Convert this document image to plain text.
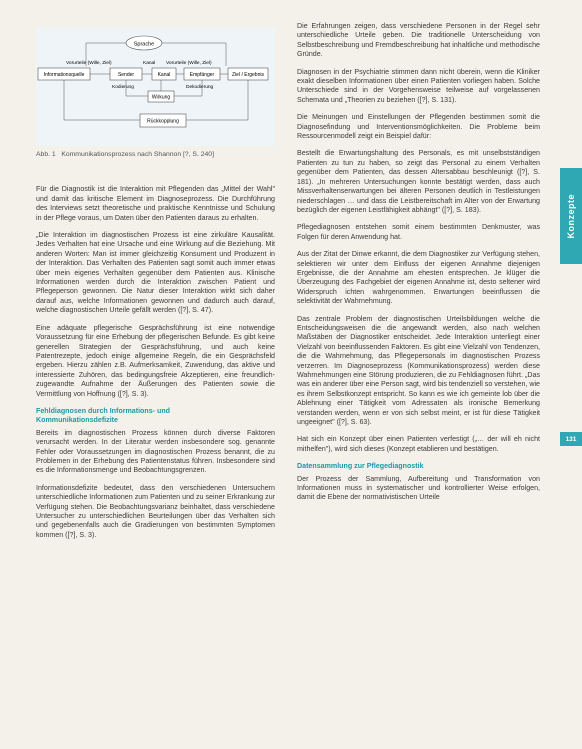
Sprache
Vorurteile (Wille, Ziel)	Kanal Vorurteile (Wille, Ziel)
Informationsquelle	Sender	Kanal	Empfänger	Ziel / Ergebnis
Kodierung	Dekodierung
Wirkung
Rückkopplung

Abb. 1 Kommunikationsprozess nach Shannon [?, S. 240]

Für die Diagnostik ist die Interaktion mit Pflegenden das „Mittel der Wahl" und damit das kritische Element im Diagnoseprozess. Die Durchführung des Interviews setzt theoretische und praktische Kenntnisse und Schulung in der Pflege voraus, um Daten über den Patienten daraus zu erhalten.

„Die Interaktion im diagnostischen Prozess ist eine zirkuläre Kausalität. Jedes Verhalten hat eine Ursache und eine Wirkung auf die Beziehung. Mit anderen Worten: Man ist immer gleichzeitig Konsument und Produzent in der Interaktion. Das Verhalten des Patienten sagt somit auch immer etwas über mein eigenes Verhalten gegenüber dem Patienten aus. Klinische Informationen werden durch die Interaktion zwischen Patient und Pflegeperson gewonnen. Die Natur dieser Interaktion wirkt sich daher darauf aus, welche Informationen gewonnen und dadurch auch darauf, welche diagnostischen Urteile gefällt werden ([?], S. 47).

Eine adäquate pflegerische Gesprächsführung ist eine notwendige Voraussetzung für eine Erhebung der pflegerischen Befunde. Es gibt keine generellen Strategien der Gesprächsführung, und auch keine Patentrezepte, jedoch einige allgemeine Regeln, die ein Gesprächsfeld ergeben. Hierzu zählen z.B. Aufmerksamkeit, Zuwendung, das aktive und interessierte Zuhören, das bedingungsfreie Akzeptieren, eine freundlich-zugewandte Aufnahme der Äußerungen des Patienten sowie die Vermittlung von Hoffnung ([?], S. 3).

Fehldiagnosen durch Informations- und
Kommunikationsdefizite

Bereits im diagnostischen Prozess können durch diverse Faktoren verursacht werden. In der Literatur werden insbesondere sog. genannte Fehler oder Voraussetzungen im diagnostischen Prozess benannt, die zu Problemen in der Erhebung des Patientenstatus führen. Insbesondere sind es die Informationsmenge und Beobachtungsgrenzen.

Informationsdefizite bedeutet, dass den verschiedenen Untersuchern unterschiedliche Informationen zum Patienten und zu seiner Erkrankung zur Verfügung stehen. Die Beobachtungsvarianz beinhaltet, dass verschiedene Untersucher zu unterschiedlichen Beurteilungen über das Verhalten sich und gegebenenfalls auch die Gradierungen von bestimmten Symptomen kommen ([?], S. 3).

Die Erfahrungen zeigen, dass verschiedene Personen in der Regel sehr unterschiedliche Urteile geben. Die traditionelle Unterscheidung von Selbstbeschreibung und Fremdbeschreibung hat inhaltliche und methodische Gründe.

Diagnosen in der Psychiatrie stimmen dann nicht überein, wenn die Kliniker exakt dieselben Informationen über einen Patienten vorliegen haben. Solche Unterschiede sind in der Vorgehensweise teilweise auf vorgelassenen Schemata und „Theorien zu beziehen ([?], S. 131).

Die Meinungen und Einstellungen der Pflegenden bestimmen somit die Diagnosefindung und Interventionsmöglichkeiten. Die Probleme beim Ressourcenmodell zeigt ein Beispiel dafür:

Bestellt die Erwartungshaltung des Personals, es mit unselbstständigen Patienten zu tun zu haben, so zeigt das Personal zu einem Verhalten gegenüber dem Patienten, das dessen Altersabbau beschleunigt ([?], S. 181). „In mehreren Untersuchungen konnte bestätigt werden, dass auch Missverhaltenserwartungen bei älteren Personen deutlich in Testleistungen niederschlagen … und dass die Leistbereitschaft im Alter von der Erwartung bezüglich der eigenen Leistfähigkeit abhängt" ([?], S. 183).

Pflegediagnosen entstehen somit einem bestimmten Denkmuster, was Folgen für deren Anwendung hat.

Aus der Zitat der Dinwe erkannt, die dem Diagnostiker zur Verfügung stehen, selektieren wir unter dem Einfluss der eigenen Annahme diejenigen Ergebnisse, die der Annahme am ehesten entsprechen. Je klüger die Überzeugung des Fachgebiet der eigenen Annahme ist, desto seltener wird Widerspruch ichten wahrgenommen. Erwartungen beeinflussen die selektivität der Wahrnehmung.

Das zentrale Problem der diagnostischen Urteilsbildungen welche die Entscheidungsweisen die die angewandt werden, also nach welchen Maßstäben der Diagnostiker entscheidet. Jede Interaktion unterliegt einer Vielzahl von beeinflussenden Faktoren. Es gibt eine Vielzahl von Tendenzen, die die Wahrnehmung, das Pflegepersonals im diagnostischen Prozess verzerren. Im Diagnoseprozess (Kommunikationsprozess) werden diese Wahrnehmungen eine Störung produzieren, die zu Fehldiagnosen führt. „Das was ein anderer über eine Person sagt, wird bis tendenziell so verstehen, wie es ihrem Selbstkonzept entspricht. So kann es wie ich gemeinte lob über die Ablehnung einer Tätigkeit vom Adressaten als ironische Bemerkung verstanden werden, wenn er von sich selbst meint, er ist für diese Tätigkeit ungeeignet" ([?], S. 63).

Hat sich ein Konzept über einen Patienten verfestigt („… der will eh nicht mithelfen"), wird sich dieses (Konzept etablieren und bestätigen.

Datensammlung zur Pflegediagnostik

Der Prozess der Sammlung, Aufbereitung und Transformation von Informationen muss in systematischer und kontrollierter Weise erfolgen, damit die Ebene der normativistischen Urteile

Konzepte
131
